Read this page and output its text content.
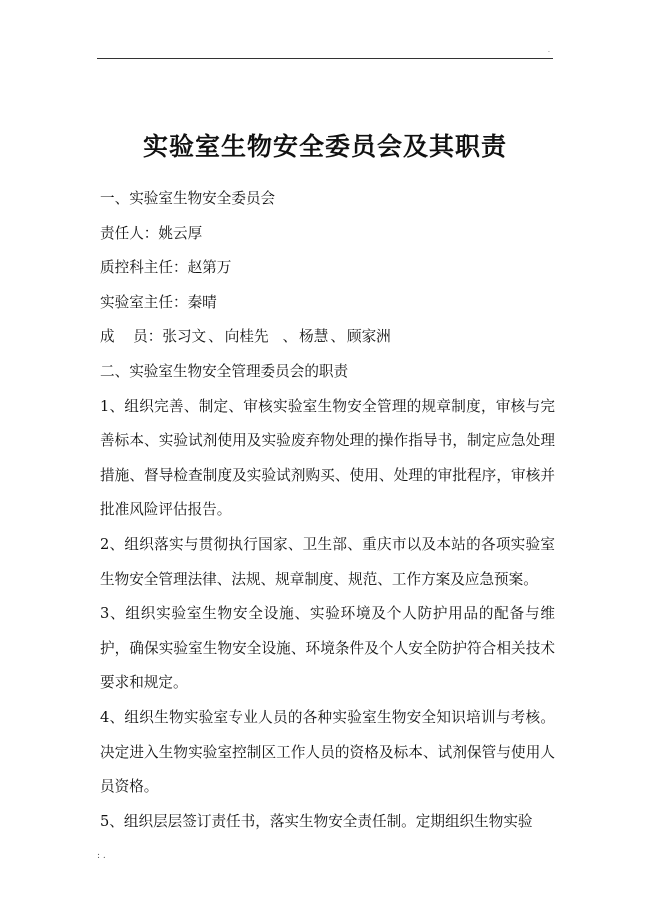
.
实验室生物安全委员会及其职责

一、实验室生物安全委员会

责任人：姚云厚

质控科主任：赵第万

实验室主任：秦晴

成    员：张习文 、 向桂先 、 杨慧 、 顾家洲

二、实验室生物安全管理委员会的职责

1、组织完善、制定、审核实验室生物安全管理的规章制度，审核与完善标本、实验试剂使用及实验废弃物处理的操作指导书，制定应急处理措施、督导检查制度及实验试剂购买、使用、处理的审批程序，审核并批准风险评估报告。

2、组织落实与贯彻执行国家、卫生部、重庆市以及本站的各项实验室生物安全管理法律、法规、规章制度、规范、工作方案及应急预案。

3、组织实验室生物安全设施、实验环境及个人防护用品的配备与维护，确保实验室生物安全设施、环境条件及个人安全防护符合相关技术要求和规定。

4、组织生物实验室专业人员的各种实验室生物安全知识培训与考核。决定进入生物实验室控制区工作人员的资格及标本、试剂保管与使用人员资格。

5、组织层层签订责任书，落实生物安全责任制。定期组织生物实验

: .
